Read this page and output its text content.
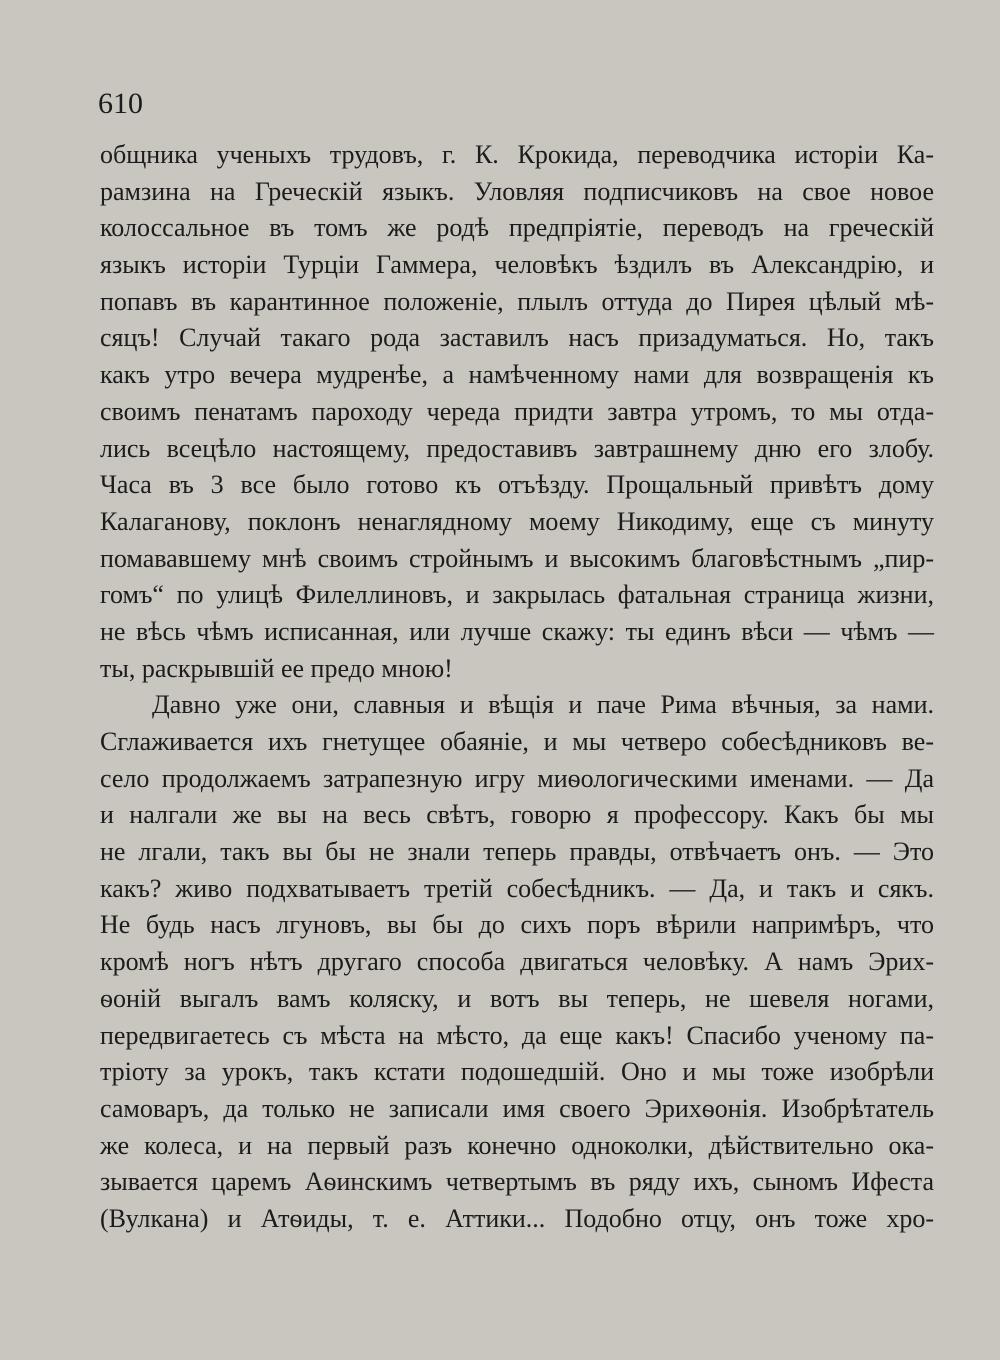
610
общника ученыхъ трудовъ, г. К. Крокида, переводчика исторіи Ка-
рамзина на Греческій языкъ. Уловляя подписчиковъ на свое новое
колоссальное въ томъ же родѣ предпріятіе, переводъ на греческій
языкъ исторіи Турціи Гаммера, человѣкъ ѣздилъ въ Александрію, и
попавъ въ карантинное положеніе, плылъ оттуда до Пирея цѣлый мѣ-
сяцъ! Случай такаго рода заставилъ насъ призадуматься. Но, такъ
какъ утро вечера мудренѣе, а намѣченному нами для возвращенія къ
своимъ пенатамъ пароходу череда придти завтра утромъ, то мы отда-
лись всецѣло настоящему, предоставивъ завтрашнему дню его злобу.
Часа въ 3 все было готово къ отъѣзду. Прощальный привѣтъ дому
Калаганову, поклонъ ненаглядному моему Никодиму, еще съ минуту
помававшему мнѣ своимъ стройнымъ и высокимъ благовѣстнымъ „пир-
гомъ“ по улицѣ Филеллиновъ, и закрылась фатальная страница жизни,
не вѣсь чѣмъ исписанная, или лучше скажу: ты единъ вѣси — чѣмъ —
ты, раскрывшій ее предо мною!
Давно уже они, славныя и вѣщія и паче Рима вѣчныя, за нами.
Сглаживается ихъ гнетущее обаяніе, и мы четверо собесѣдниковъ ве-
село продолжаемъ затрапезную игру миѳологическими именами. — Да
и налгали же вы на весь свѣтъ, говорю я профессору. Какъ бы мы
не лгали, такъ вы бы не знали теперь правды, отвѣчаетъ онъ. — Это
какъ? живо подхватываетъ третій собесѣдникъ. — Да, и такъ и сякъ.
Не будь насъ лгуновъ, вы бы до сихъ поръ вѣрили напримѣръ, что
кромѣ ногъ нѣтъ другаго способа двигаться человѣку. А намъ Эрих-
ѳоній выгалъ вамъ коляску, и вотъ вы теперь, не шевеля ногами,
передвигаетесь съ мѣста на мѣсто, да еще какъ! Спасибо ученому па-
тріоту за урокъ, такъ кстати подошедшій. Оно и мы тоже изобрѣли
самоваръ, да только не записали имя своего Эрихѳонія. Изобрѣтатель
же колеса, и на первый разъ конечно одноколки, дѣйствительно ока-
зывается царемъ Аѳинскимъ четвертымъ въ ряду ихъ, сыномъ Ифеста
(Вулкана) и Атѳиды, т. е. Аттики... Подобно отцу, онъ тоже хро-
